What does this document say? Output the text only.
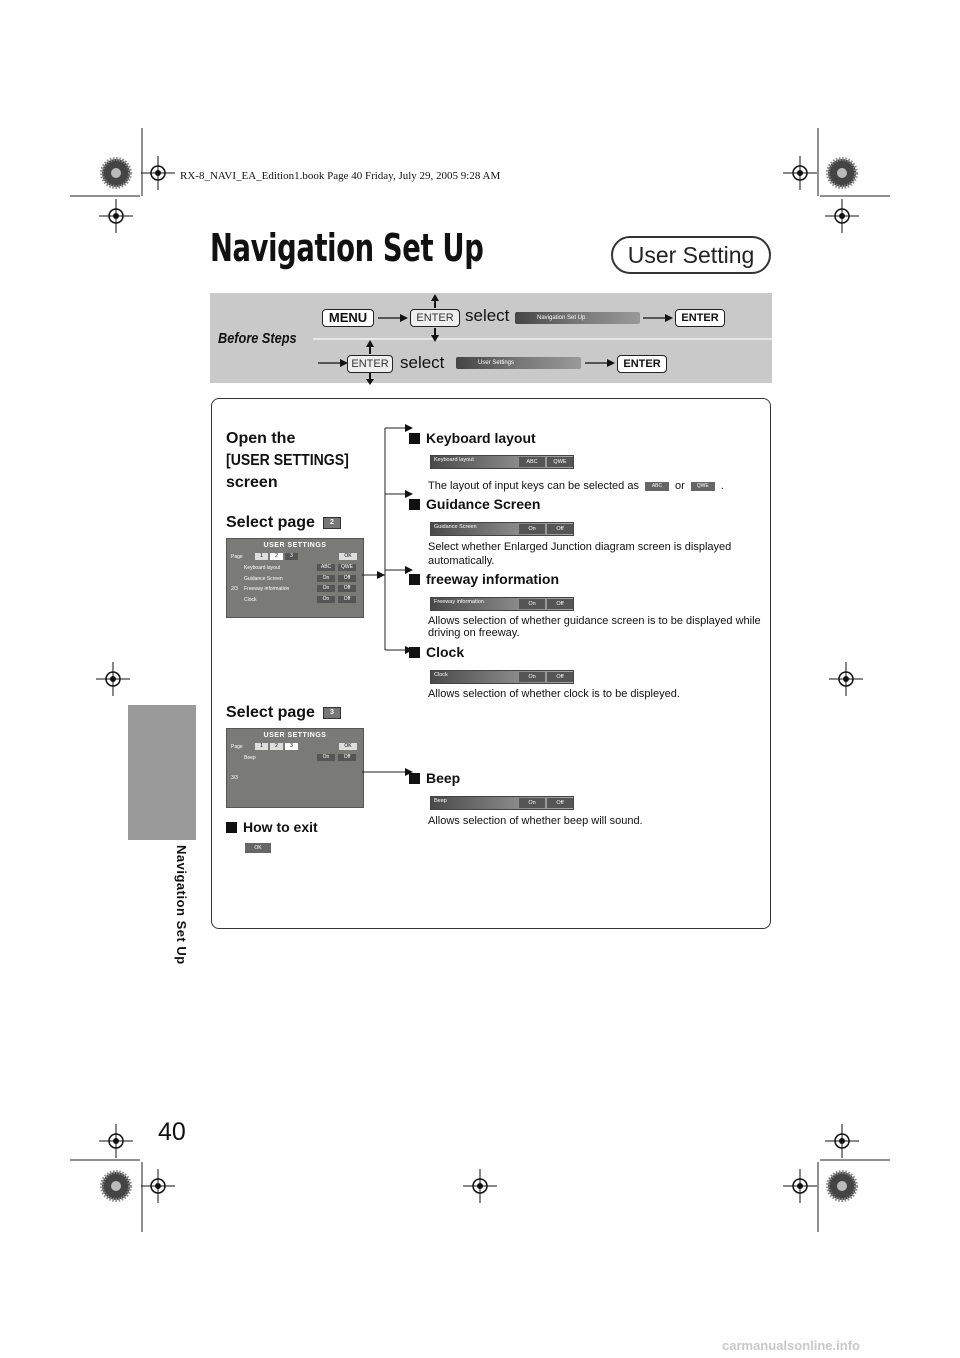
RX-8_NAVI_EA_Edition1.book Page 40 Friday, July 29, 2005 9:28 AM
Navigation Set Up	User Setting
Navigation Set Up
Before Steps
MENU	ENTER select	Navigation Set Up	ENTER
ENTER select	User Settings	ENTER
Open the
[USER SETTINGS]
screen
Select page 2
USER SETTINGS
Page	1	2	3	OK
2/3
Keyboard layout	ABC	QWE
Guidance Screen	On	Off
Freeway information	On	Off
Clock	On	Off
Select page 3
USER SETTINGS
Page	1	2	3	OK
Beep	On	Off
3/3
How to exit
OK
Keyboard layout
Keyboard layout	ABC	QWE
The layout of input keys can be selected as	ABC or QWE .
Guidance Screen
Guidance Screen	On	Off
Select whether Enlarged Junction diagram screen is displayed automatically.
freeway information
Freeway information	On	Off
Allows selection of whether guidance screen is to be displayed while driving on freeway.
Clock
Clock	On	Off
Allows selection of whether clock is to be displeyed.
Beep
Beep	On	Off
Allows selection of whether beep will sound.
40
carmanualsonline.info
